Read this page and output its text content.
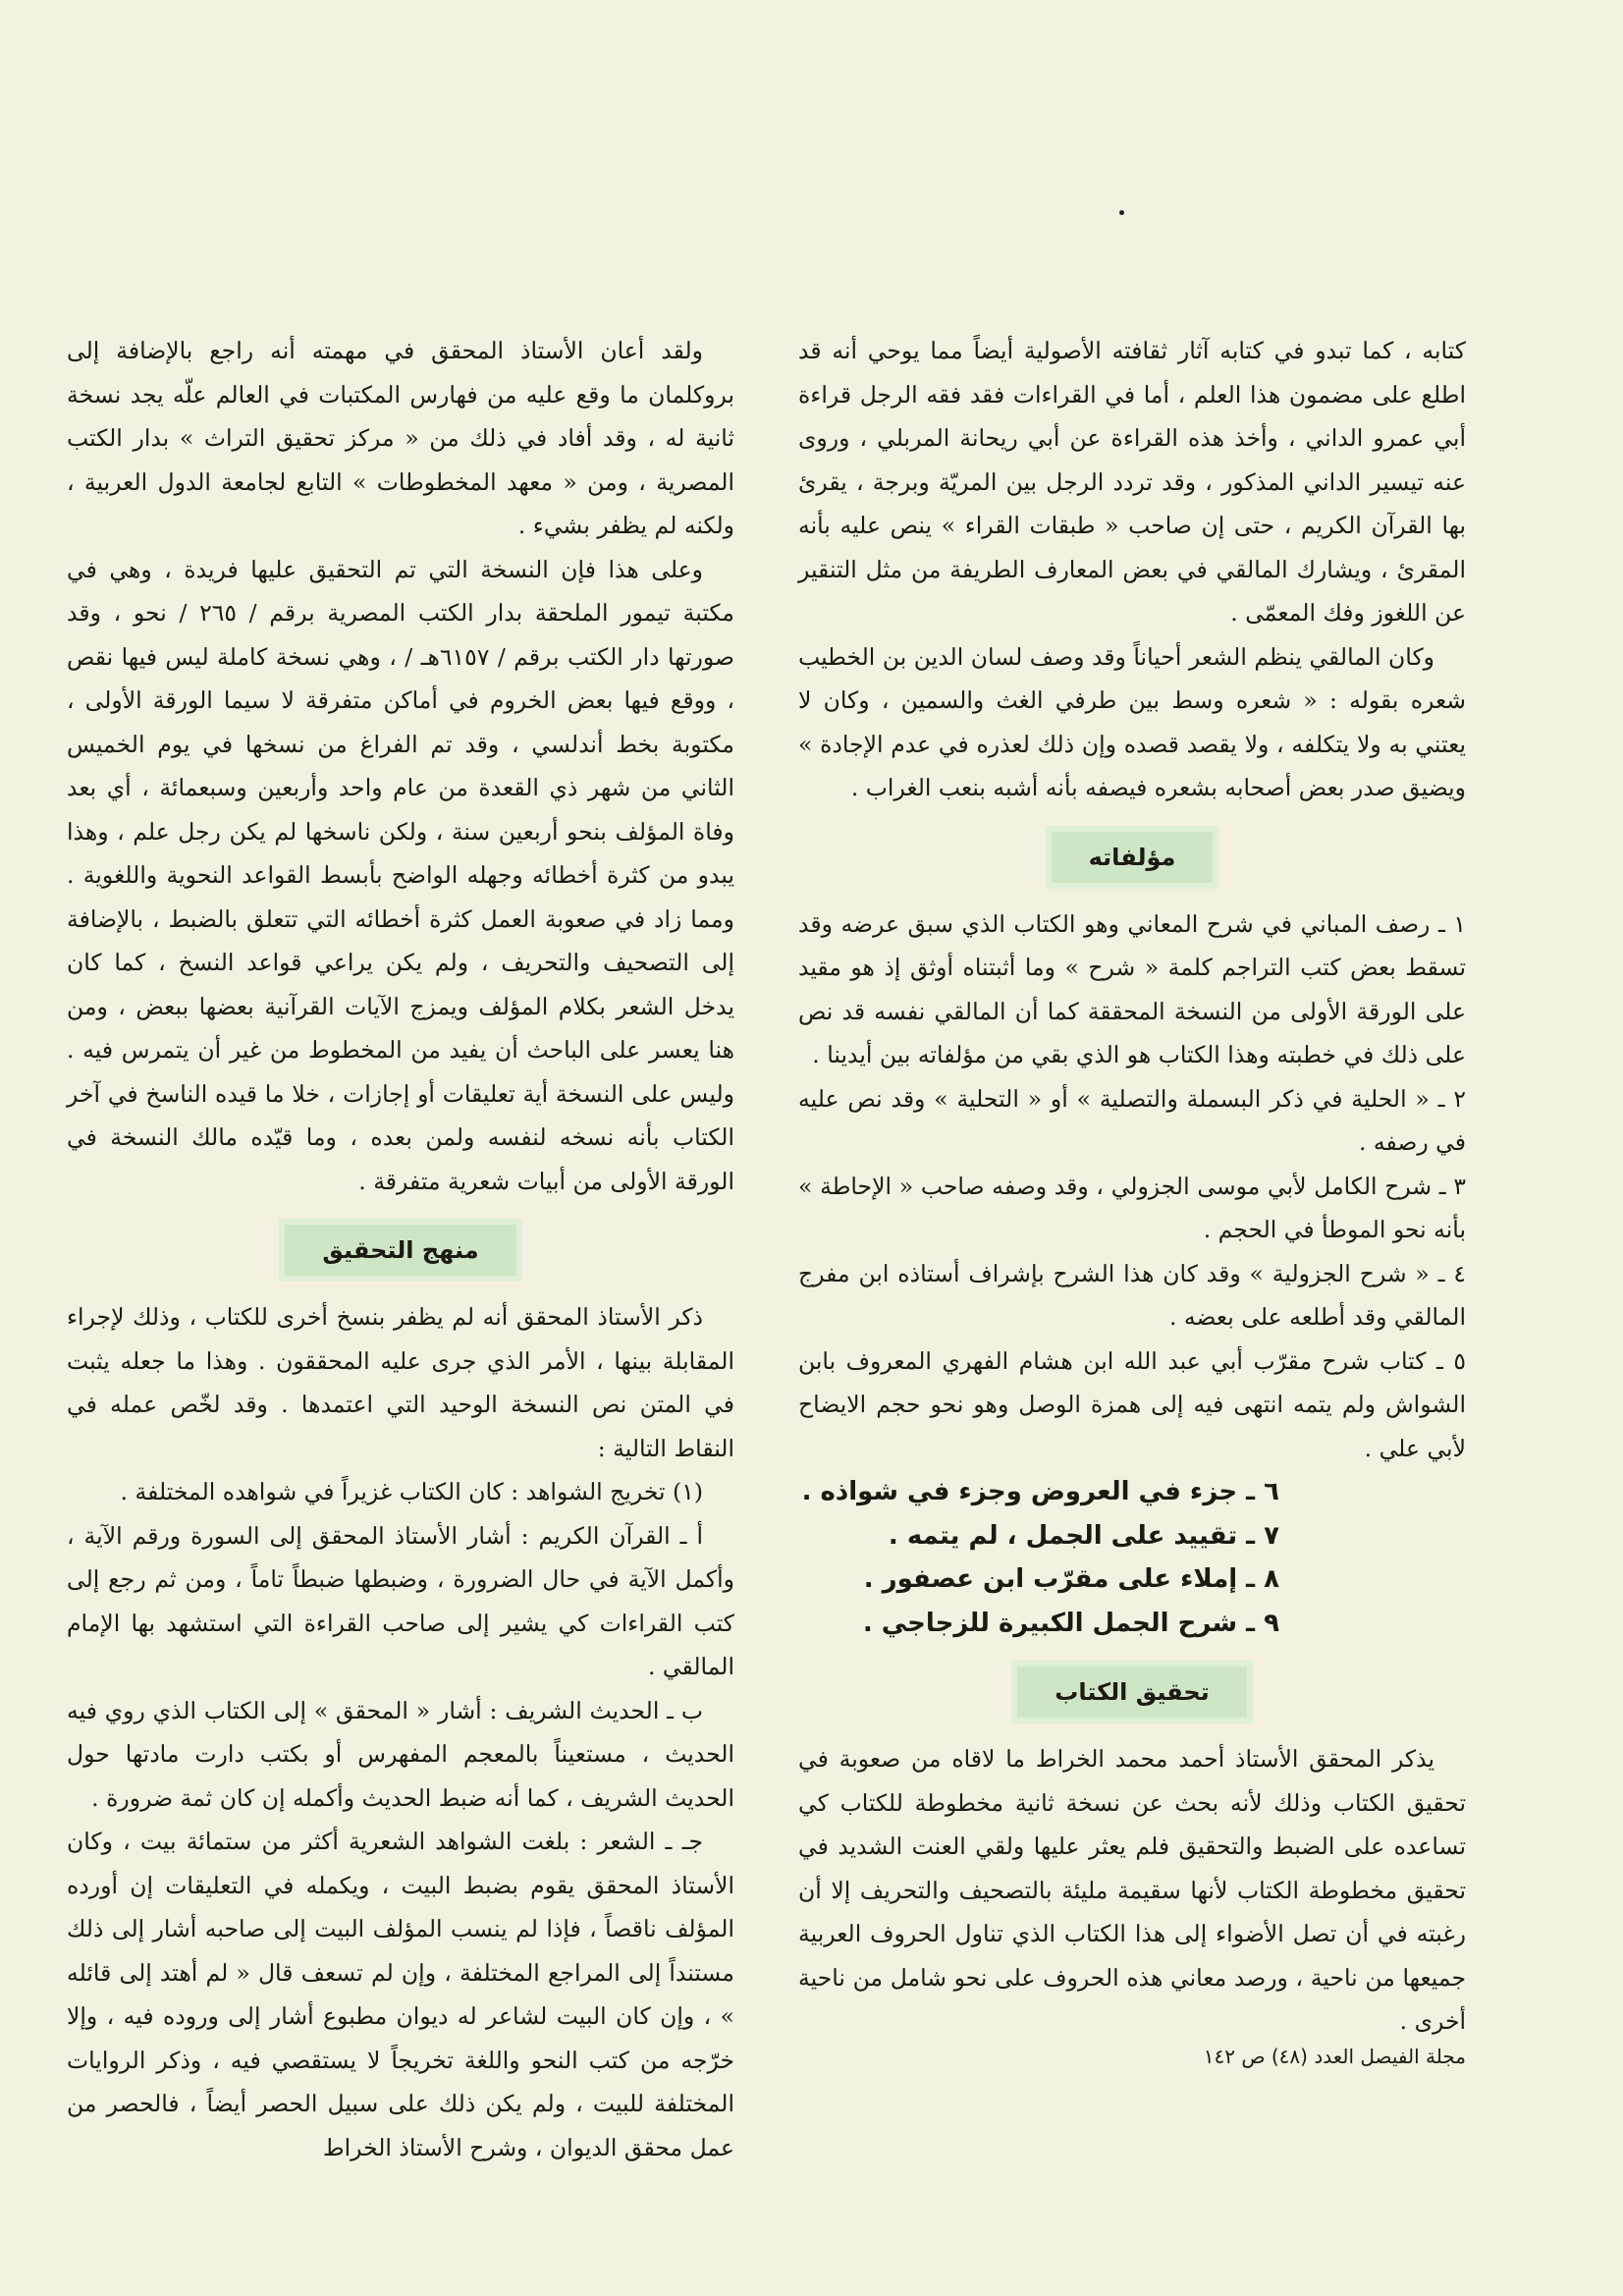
كتابه ، كما تبدو في كتابه آثار ثقافته الأصولية أيضاً مما يوحي أنه قد اطلع على مضمون هذا العلم ، أما في القراءات فقد فقه الرجل قراءة أبي عمرو الداني ، وأخذ هذه القراءة عن أبي ريحانة المربلي ، وروى عنه تيسير الداني المذكور ، وقد تردد الرجل بين المريّة وبرجة ، يقرئ بها القرآن الكريم ، حتى إن صاحب « طبقات القراء » ينص عليه بأنه المقرئ ، ويشارك المالقي في بعض المعارف الطريفة من مثل التنقير عن اللغوز وفك المعمّى .

وكان المالقي ينظم الشعر أحياناً وقد وصف لسان الدين بن الخطيب شعره بقوله : « شعره وسط بين طرفي الغث والسمين ، وكان لا يعتني به ولا يتكلفه ، ولا يقصد قصده وإن ذلك لعذره في عدم الإجادة » ويضيق صدر بعض أصحابه بشعره فيصفه بأنه أشبه بنعب الغراب .

مؤلفاته

١ ـ رصف المباني في شرح المعاني وهو الكتاب الذي سبق عرضه وقد تسقط بعض كتب التراجم كلمة « شرح » وما أثبتناه أوثق إذ هو مقيد على الورقة الأولى من النسخة المحققة كما أن المالقي نفسه قد نص على ذلك في خطبته وهذا الكتاب هو الذي بقي من مؤلفاته بين أيدينا .

٢ ـ « الحلية في ذكر البسملة والتصلية » أو « التحلية » وقد نص عليه في رصفه .

٣ ـ شرح الكامل لأبي موسى الجزولي ، وقد وصفه صاحب « الإحاطة » بأنه نحو الموطأ في الحجم .

٤ ـ « شرح الجزولية » وقد كان هذا الشرح بإشراف أستاذه ابن مفرج المالقي وقد أطلعه على بعضه .

٥ ـ كتاب شرح مقرّب أبي عبد الله ابن هشام الفهري المعروف بابن الشواش ولم يتمه انتهى فيه إلى همزة الوصل وهو نحو حجم الايضاح لأبي علي .

٦ ـ جزء في العروض وجزء في شواذه .

٧ ـ تقييد على الجمل ، لم يتمه .

٨ ـ إملاء على مقرّب ابن عصفور .

٩ ـ شرح الجمل الكبيرة للزجاجي .

تحقيق الكتاب

يذكر المحقق الأستاذ أحمد محمد الخراط ما لاقاه من صعوبة في تحقيق الكتاب وذلك لأنه بحث عن نسخة ثانية مخطوطة للكتاب كي تساعده على الضبط والتحقيق فلم يعثر عليها ولقي العنت الشديد في تحقيق مخطوطة الكتاب لأنها سقيمة مليئة بالتصحيف والتحريف إلا أن رغبته في أن تصل الأضواء إلى هذا الكتاب الذي تناول الحروف العربية جميعها من ناحية ، ورصد معاني هذه الحروف على نحو شامل من ناحية أخرى .

ولقد أعان الأستاذ المحقق في مهمته أنه راجع بالإضافة إلى بروكلمان ما وقع عليه من فهارس المكتبات في العالم علّه يجد نسخة ثانية له ، وقد أفاد في ذلك من « مركز تحقيق التراث » بدار الكتب المصرية ، ومن « معهد المخطوطات » التابع لجامعة الدول العربية ، ولكنه لم يظفر بشيء .

وعلى هذا فإن النسخة التي تم التحقيق عليها فريدة ، وهي في مكتبة تيمور الملحقة بدار الكتب المصرية برقم / ٢٦٥ / نحو ، وقد صورتها دار الكتب برقم / ٦١٥٧هـ / ، وهي نسخة كاملة ليس فيها نقص ، ووقع فيها بعض الخروم في أماكن متفرقة لا سيما الورقة الأولى ، مكتوبة بخط أندلسي ، وقد تم الفراغ من نسخها في يوم الخميس الثاني من شهر ذي القعدة من عام واحد وأربعين وسبعمائة ، أي بعد وفاة المؤلف بنحو أربعين سنة ، ولكن ناسخها لم يكن رجل علم ، وهذا يبدو من كثرة أخطائه وجهله الواضح بأبسط القواعد النحوية واللغوية . ومما زاد في صعوبة العمل كثرة أخطائه التي تتعلق بالضبط ، بالإضافة إلى التصحيف والتحريف ، ولم يكن يراعي قواعد النسخ ، كما كان يدخل الشعر بكلام المؤلف ويمزج الآيات القرآنية بعضها ببعض ، ومن هنا يعسر على الباحث أن يفيد من المخطوط من غير أن يتمرس فيه . وليس على النسخة أية تعليقات أو إجازات ، خلا ما قيده الناسخ في آخر الكتاب بأنه نسخه لنفسه ولمن بعده ، وما قيّده مالك النسخة في الورقة الأولى من أبيات شعرية متفرقة .

منهج التحقيق

ذكر الأستاذ المحقق أنه لم يظفر بنسخ أخرى للكتاب ، وذلك لإجراء المقابلة بينها ، الأمر الذي جرى عليه المحققون . وهذا ما جعله يثبت في المتن نص النسخة الوحيد التي اعتمدها . وقد لخّص عمله في النقاط التالية :

(١) تخريج الشواهد : كان الكتاب غزيراً في شواهده المختلفة .

أ ـ القرآن الكريم : أشار الأستاذ المحقق إلى السورة ورقم الآية ، وأكمل الآية في حال الضرورة ، وضبطها ضبطاً تاماً ، ومن ثم رجع إلى كتب القراءات كي يشير إلى صاحب القراءة التي استشهد بها الإمام المالقي .

ب ـ الحديث الشريف : أشار « المحقق » إلى الكتاب الذي روي فيه الحديث ، مستعيناً بالمعجم المفهرس أو بكتب دارت مادتها حول الحديث الشريف ، كما أنه ضبط الحديث وأكمله إن كان ثمة ضرورة .

جـ ـ الشعر : بلغت الشواهد الشعرية أكثر من ستمائة بيت ، وكان الأستاذ المحقق يقوم بضبط البيت ، ويكمله في التعليقات إن أورده المؤلف ناقصاً ، فإذا لم ينسب المؤلف البيت إلى صاحبه أشار إلى ذلك مستنداً إلى المراجع المختلفة ، وإن لم تسعف قال « لم أهتد إلى قائله » ، وإن كان البيت لشاعر له ديوان مطبوع أشار إلى وروده فيه ، وإلا خرّجه من كتب النحو واللغة تخريجاً لا يستقصي فيه ، وذكر الروايات المختلفة للبيت ، ولم يكن ذلك على سبيل الحصر أيضاً ، فالحصر من عمل محقق الديوان ، وشرح الأستاذ الخراط

مجلة الفيصل العدد (٤٨) ص ١٤٢
